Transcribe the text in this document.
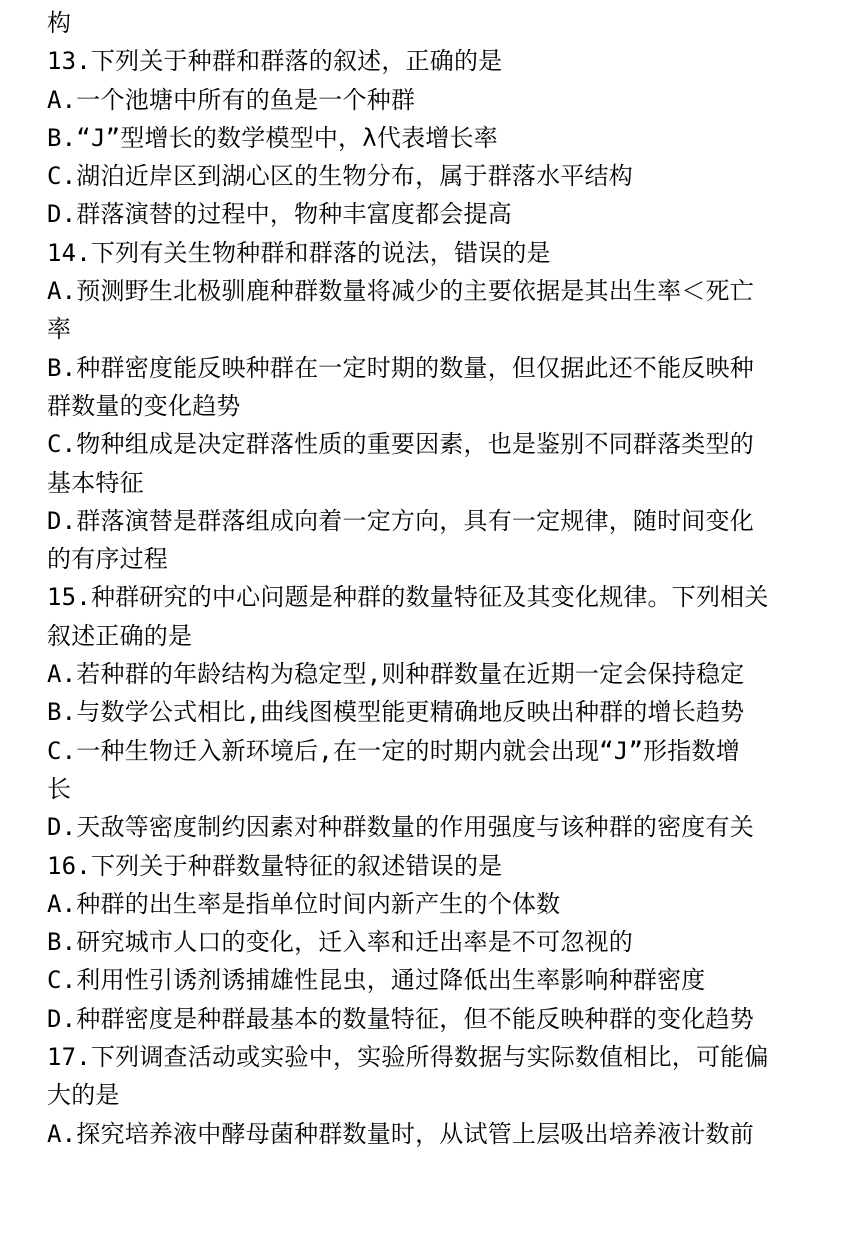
构
13.下列关于种群和群落的叙述，正确的是
A.一个池塘中所有的鱼是一个种群
B.“J”型增长的数学模型中，λ代表增长率
C.湖泊近岸区到湖心区的生物分布，属于群落水平结构
D.群落演替的过程中，物种丰富度都会提高
14.下列有关生物种群和群落的说法，错误的是
A.预测野生北极驯鹿种群数量将减少的主要依据是其出生率＜死亡
率
B.种群密度能反映种群在一定时期的数量，但仅据此还不能反映种
群数量的变化趋势
C.物种组成是决定群落性质的重要因素，也是鉴别不同群落类型的
基本特征
D.群落演替是群落组成向着一定方向，具有一定规律，随时间变化
的有序过程
15.种群研究的中心问题是种群的数量特征及其变化规律。下列相关
叙述正确的是
A.若种群的年龄结构为稳定型,则种群数量在近期一定会保持稳定
B.与数学公式相比,曲线图模型能更精确地反映出种群的增长趋势
C.一种生物迁入新环境后,在一定的时期内就会出现“J”形指数增
长
D.天敌等密度制约因素对种群数量的作用强度与该种群的密度有关
16.下列关于种群数量特征的叙述错误的是
A.种群的出生率是指单位时间内新产生的个体数
B.研究城市人口的变化，迁入率和迁出率是不可忽视的
C.利用性引诱剂诱捕雄性昆虫，通过降低出生率影响种群密度
D.种群密度是种群最基本的数量特征，但不能反映种群的变化趋势
17.下列调查活动或实验中，实验所得数据与实际数值相比，可能偏
大的是
A.探究培养液中酵母菌种群数量时，从试管上层吸出培养液计数前
